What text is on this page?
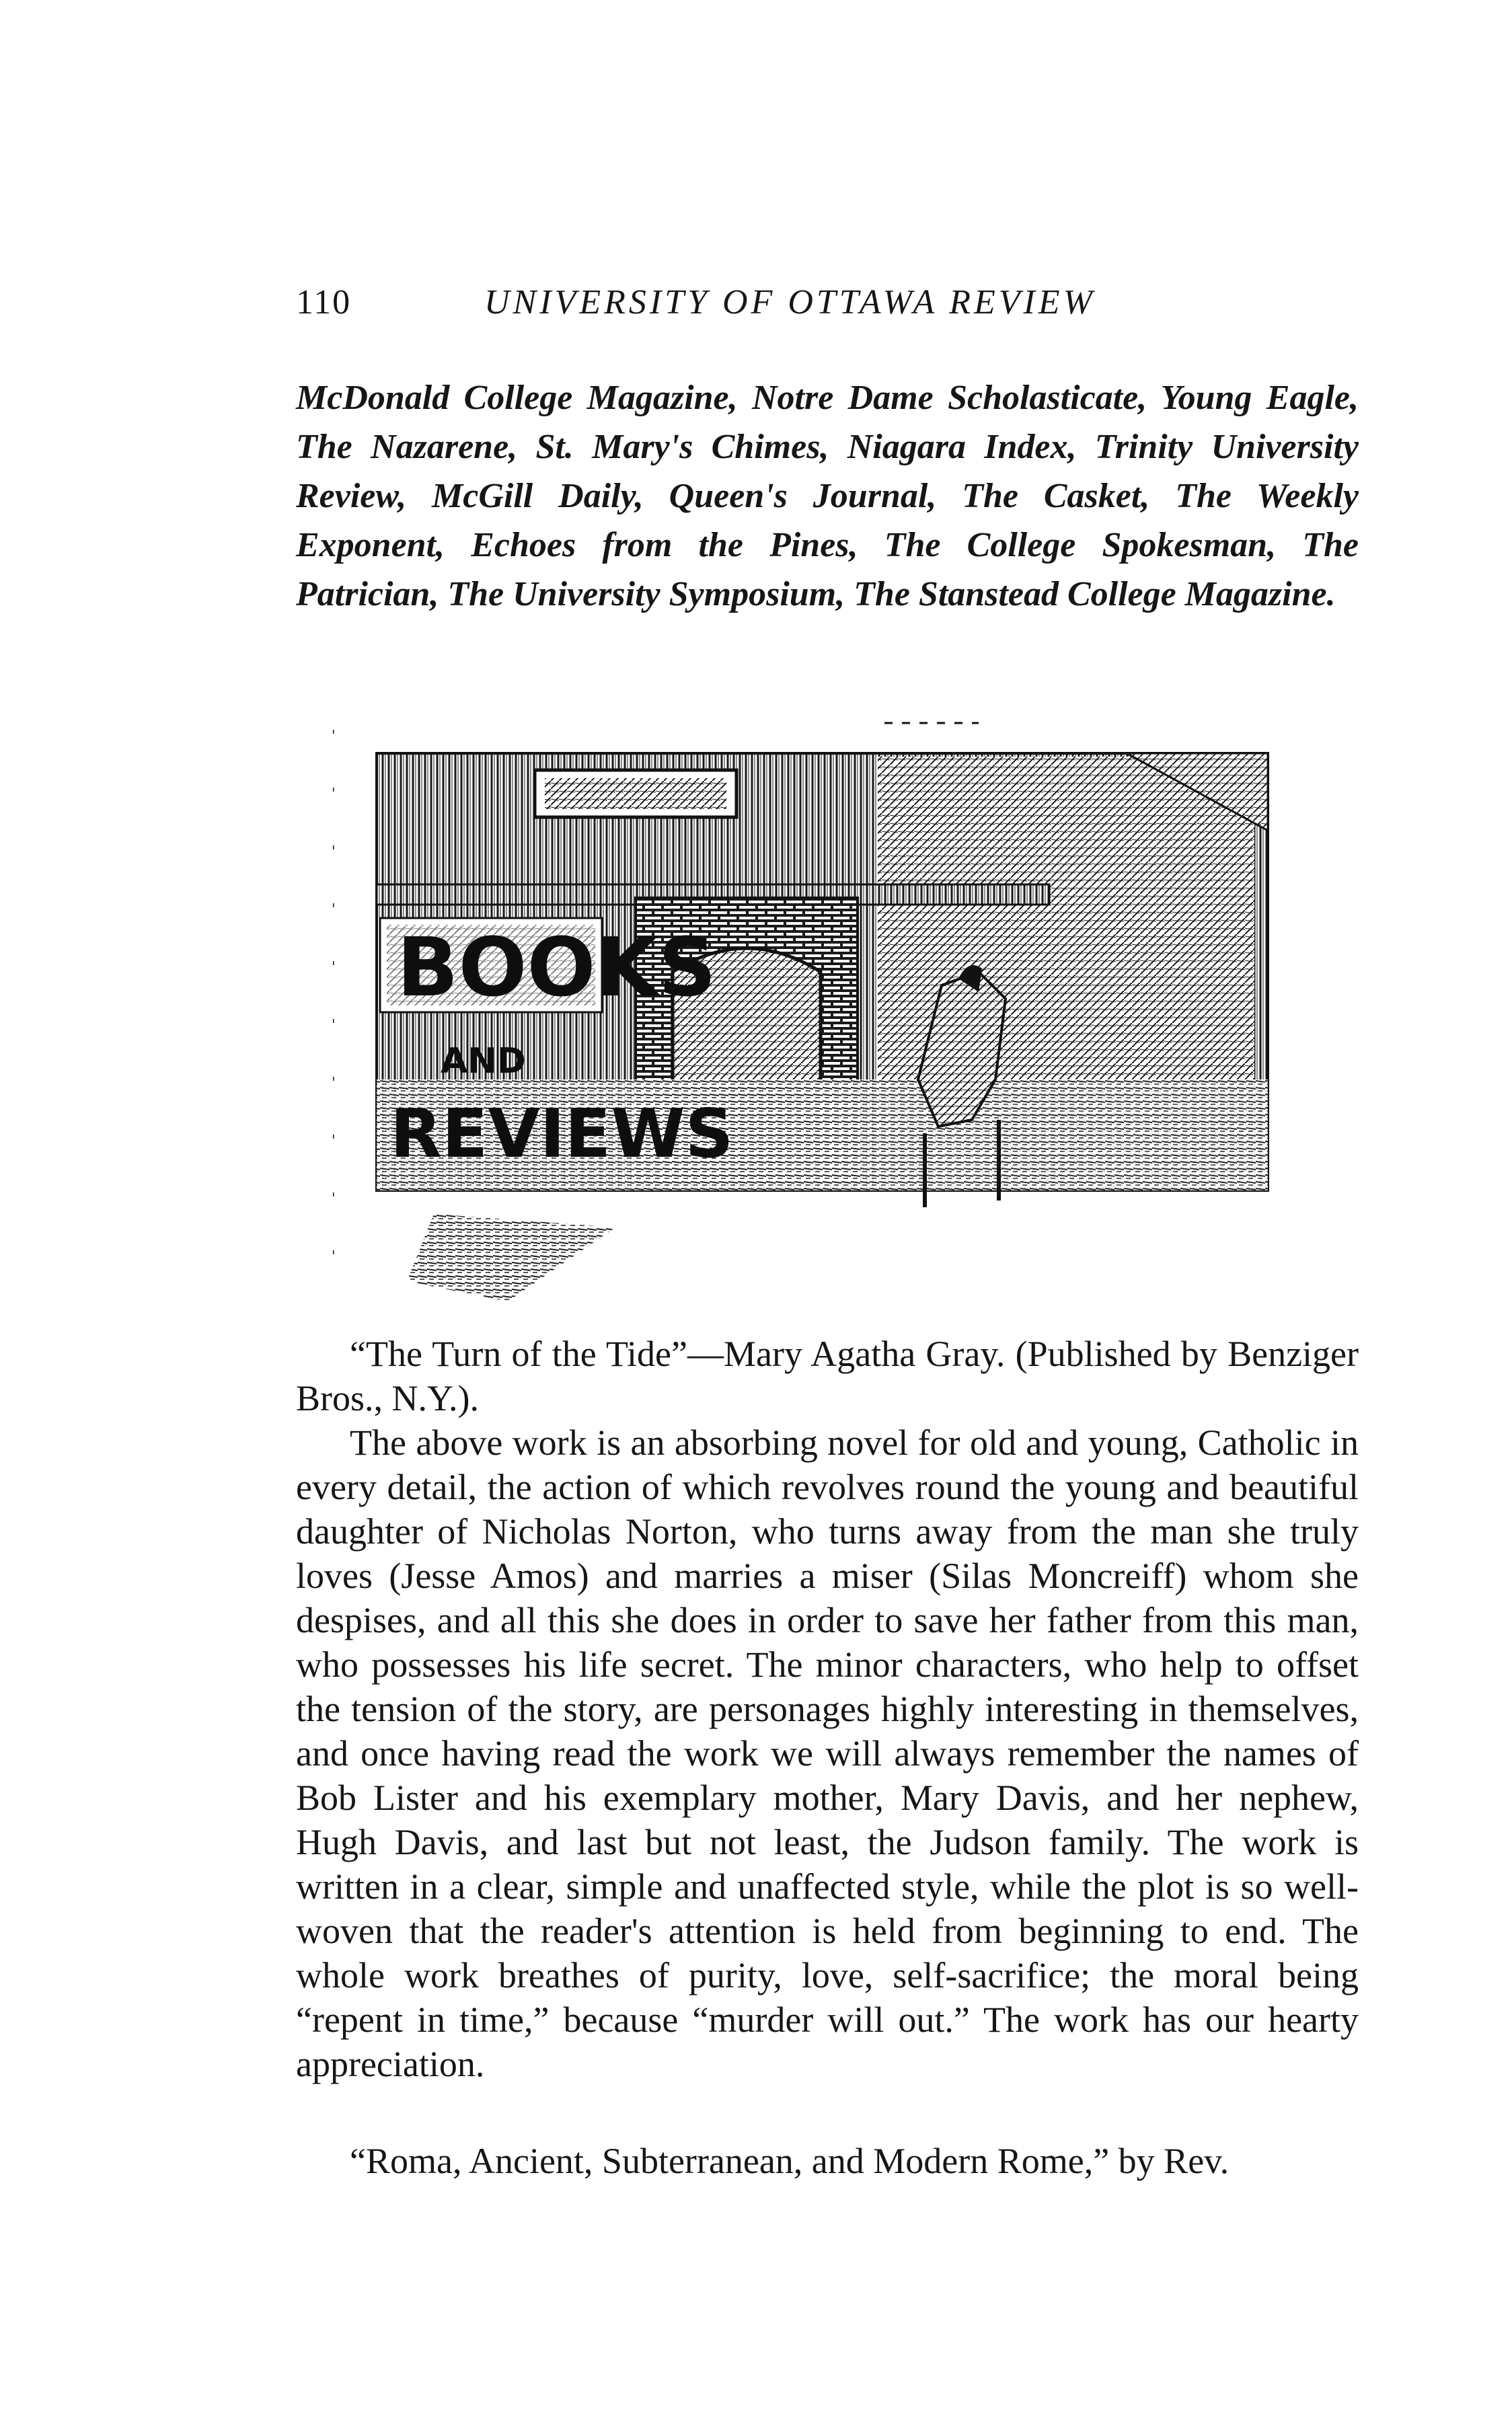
110	UNIVERSITY OF OTTAWA REVIEW

McDonald College Magazine, Notre Dame Scholasticate, Young Eagle, The Nazarene, St. Mary's Chimes, Niagara Index, Trinity University Review, McGill Daily, Queen's Journal, The Casket, The Weekly Exponent, Echoes from the Pines, The College Spokesman, The Patrician, The University Symposium, The Stanstead College Magazine.

BOOKS
AND
REVIEWS

“The Turn of the Tide”—Mary Agatha Gray. (Published by Benziger Bros., N.Y.).

The above work is an absorbing novel for old and young, Catholic in every detail, the action of which revolves round the young and beautiful daughter of Nicholas Norton, who turns away from the man she truly loves (Jesse Amos) and marries a miser (Silas Moncreiff) whom she despises, and all this she does in order to save her father from this man, who possesses his life secret. The minor characters, who help to offset the tension of the story, are personages highly interesting in themselves, and once having read the work we will always remember the names of Bob Lister and his exemplary mother, Mary Davis, and her nephew, Hugh Davis, and last but not least, the Judson family. The work is written in a clear, simple and unaffected style, while the plot is so well-woven that the reader's attention is held from beginning to end. The whole work breathes of purity, love, self-sacrifice; the moral being “repent in time,” because “murder will out.” The work has our hearty appreciation.

“Roma, Ancient, Subterranean, and Modern Rome,” by Rev.
